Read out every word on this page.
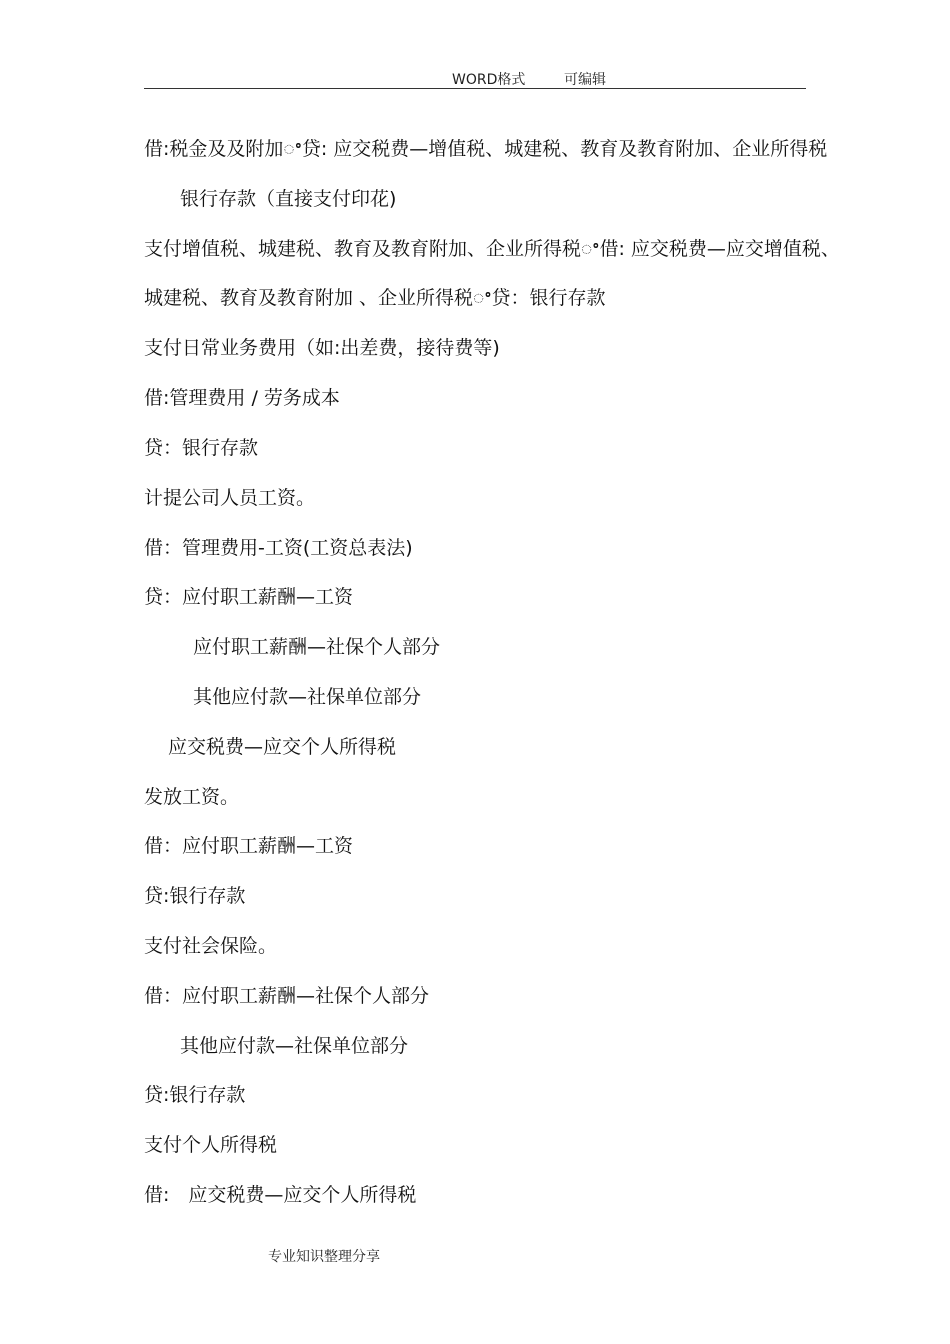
WORD格式	可编辑
借:税金及及附加ꢀ贷: 应交税费—增值税、城建税、教育及教育附加、企业所得税
银行存款（直接支付印花)
支付增值税、城建税、教育及教育附加、企业所得税ꢀ借: 应交税费—应交增值税、
城建税、教育及教育附加 、企业所得税ꢀ贷：银行存款
支付日常业务费用（如:出差费，接待费等)
借:管理费用 / 劳务成本
贷：银行存款
计提公司人员工资。
借：管理费用-工资(工资总表法)
贷：应付职工薪酬—工资
应付职工薪酬—社保个人部分
其他应付款—社保单位部分
应交税费—应交个人所得税
发放工资。
借：应付职工薪酬—工资
贷:银行存款
支付社会保险。
借：应付职工薪酬—社保个人部分
其他应付款—社保单位部分
贷:银行存款
支付个人所得税
借:　应交税费—应交个人所得税
专业知识整理分享
